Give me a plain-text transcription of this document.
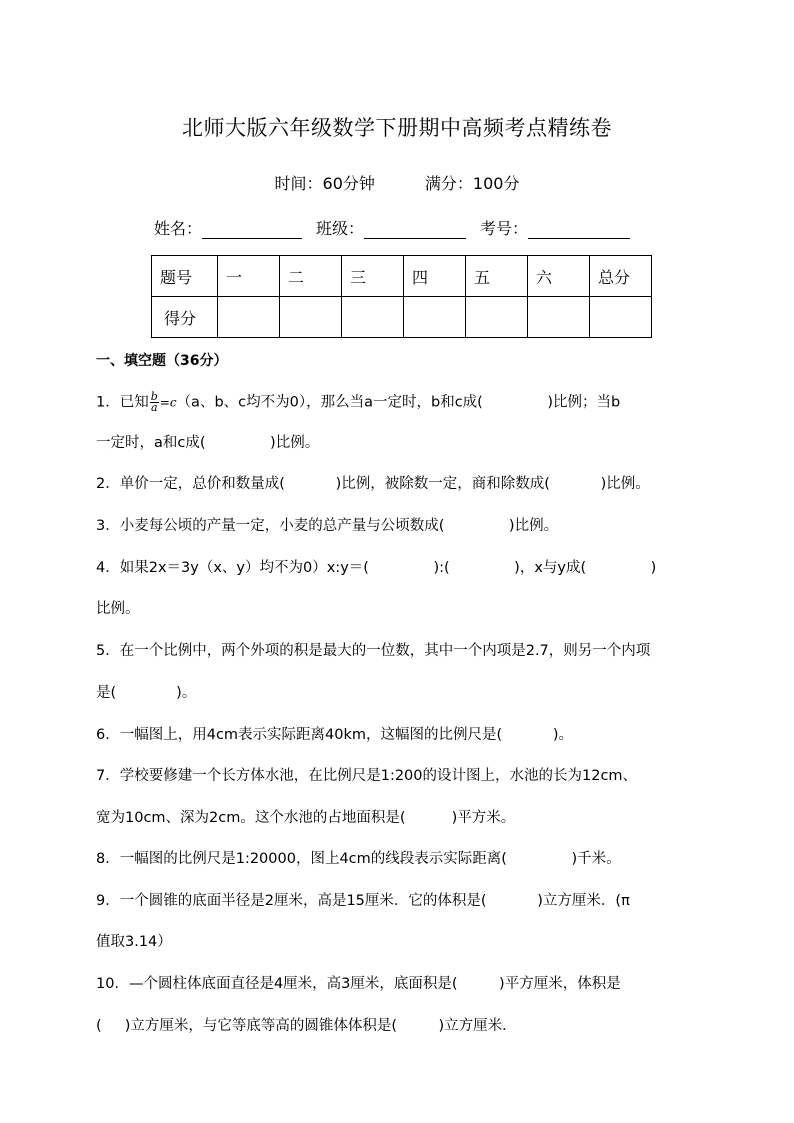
北师大版六年级数学下册期中高频考点精练卷
时间：60分钟	满分：100分
姓名：	班级：	考号：
题号	一	二	三	四	五	六	总分
得分							
一、填空题（36分）
1．已知 $\frac{b}{a} =c(a$、b、c均不为0），那么当a一定时，b和c成(              )比例；当b
一定时，a和c成(              )比例。
2．单价一定，总价和数量成(           )比例，被除数一定，商和除数成(           )比例。
3．小麦每公顷的产量一定，小麦的总产量与公顷数成(              )比例。
4．如果2x＝3y（x、y）均不为0）x:y＝(              ):(              )，x与y成(              )
比例。
5．在一个比例中，两个外项的积是最大的一位数，其中一个内项是2.7，则另一个内项
是(             )。
6．一幅图上，用4cm表示实际距离40km，这幅图的比例尺是(           )。
7．学校要修建一个长方体水池，在比例尺是1:200的设计图上，水池的长为12cm、
宽为10cm、深为2cm。这个水池的占地面积是(          )平方米。
8．一幅图的比例尺是1:20000，图上4cm的线段表示实际距离(              )千米。
9．一个圆锥的底面半径是2厘米，高是15厘米．它的体积是(           )立方厘米．(π
值取3.14）
10．—个圆柱体底面直径是4厘米，高3厘米，底面积是(         )平方厘米，体积是
(     )立方厘米，与它等底等高的圆锥体体积是(         )立方厘米．
